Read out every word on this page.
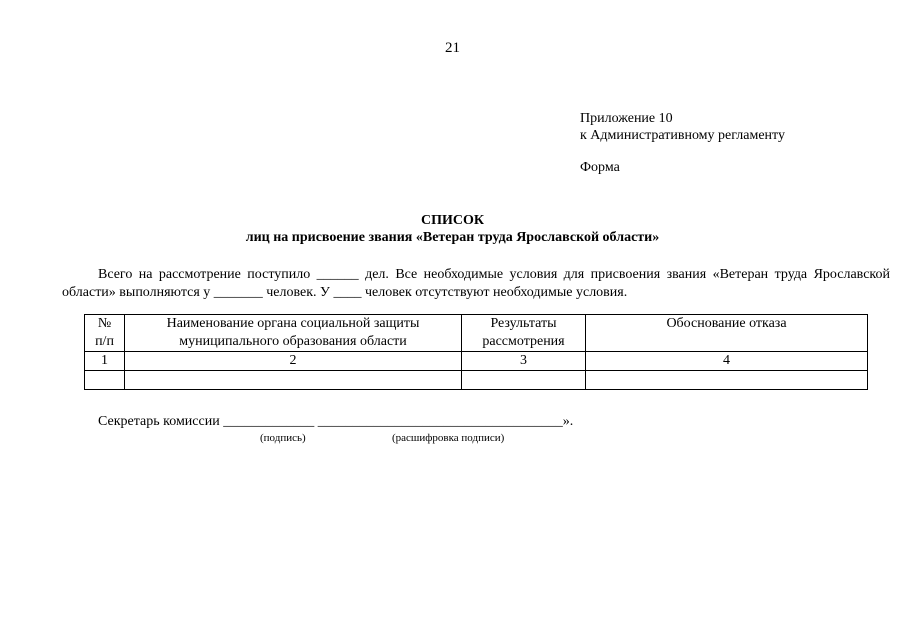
21
Приложение 10
к Административному регламенту
Форма
СПИСОК
лиц на присвоение звания «Ветеран труда Ярославской области»
Всего на рассмотрение поступило ______ дел. Все необходимые условия для присвоения звания «Ветеран труда Ярославской области» выполняются у _______ человек. У ____ человек отсутствуют необходимые условия.
№ п/п	Наименование органа социальной защиты муниципального образования области	Результаты рассмотрения	Обоснование отказа
1	2	3	4

Секретарь комиссии _____________ ___________________________________».
(подпись)	(расшифровка подписи)
